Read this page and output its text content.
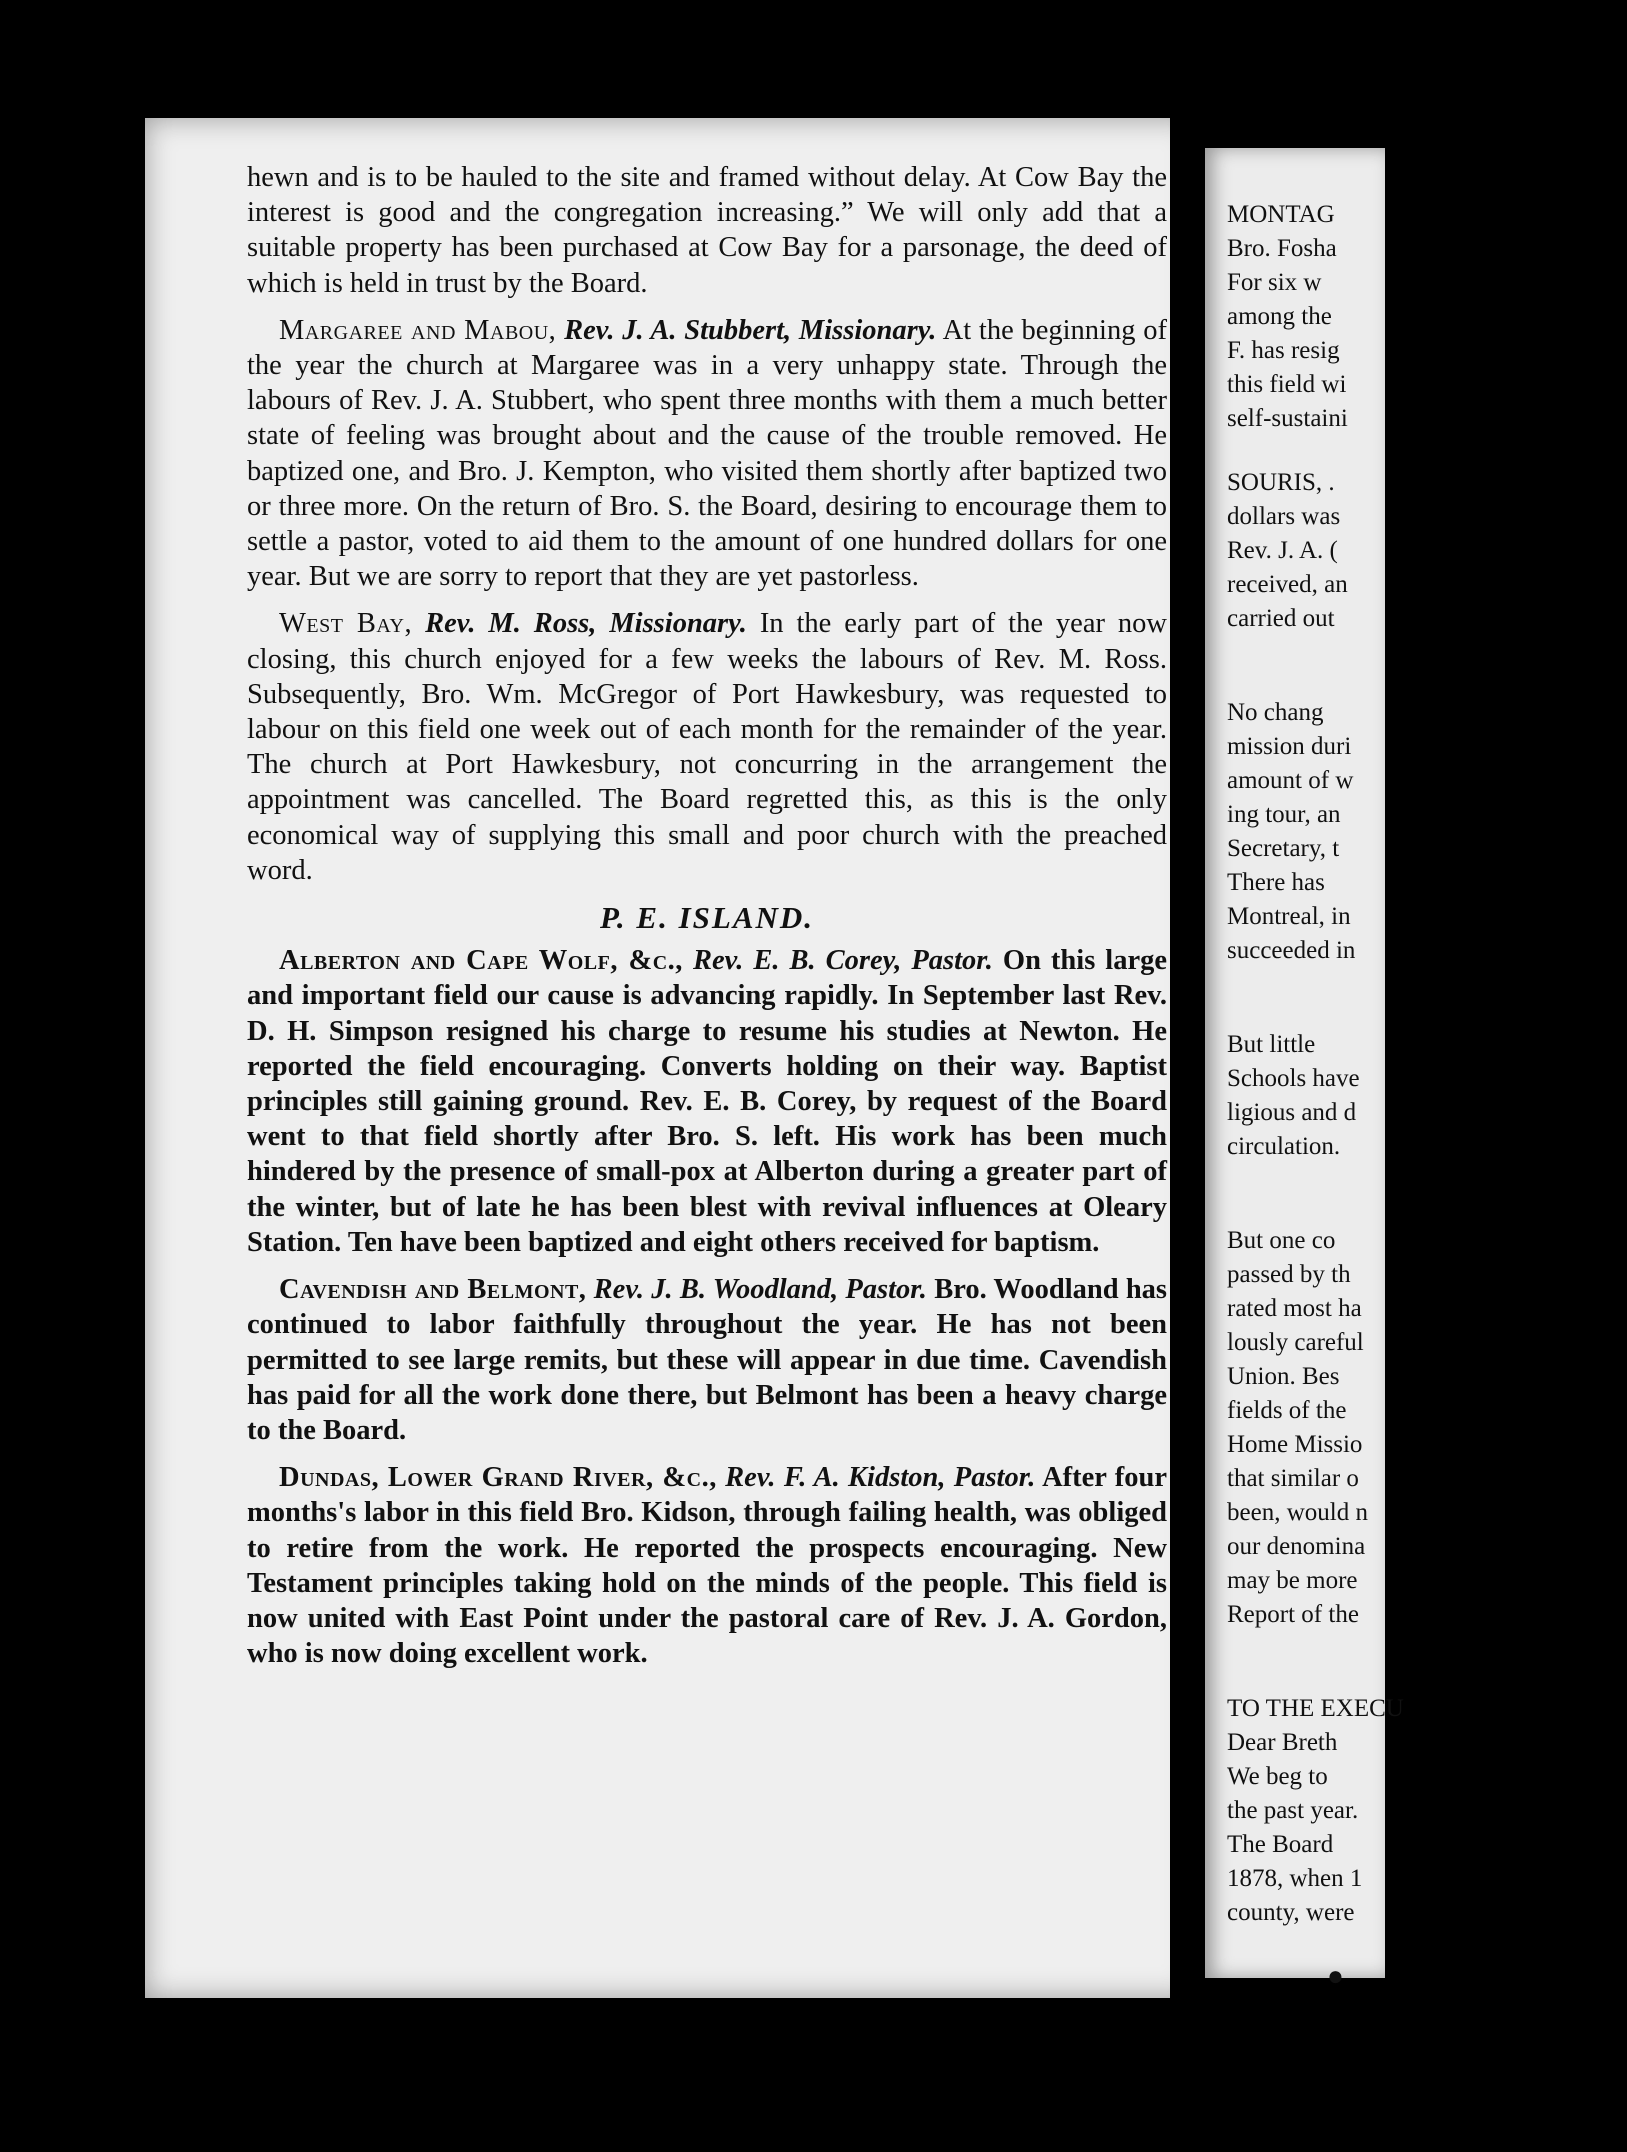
hewn and is to be hauled to the site and framed without delay. At Cow Bay the interest is good and the congregation increasing.” We will only add that a suitable property has been purchased at Cow Bay for a parsonage, the deed of which is held in trust by the Board.

Margaree and Mabou, Rev. J. A. Stubbert, Missionary. At the beginning of the year the church at Margaree was in a very unhappy state. Through the labours of Rev. J. A. Stubbert, who spent three months with them a much better state of feeling was brought about and the cause of the trouble removed. He baptized one, and Bro. J. Kempton, who visited them shortly after baptized two or three more. On the return of Bro. S. the Board, desiring to encourage them to settle a pastor, voted to aid them to the amount of one hundred dollars for one year. But we are sorry to report that they are yet pastorless.

West Bay, Rev. M. Ross, Missionary. In the early part of the year now closing, this church enjoyed for a few weeks the labours of Rev. M. Ross. Subsequently, Bro. Wm. McGregor of Port Hawkesbury, was requested to labour on this field one week out of each month for the remainder of the year. The church at Port Hawkesbury, not concurring in the arrangement the appointment was cancelled. The Board regretted this, as this is the only economical way of supplying this small and poor church with the preached word.

P. E. ISLAND.

Alberton and Cape Wolf, &c., Rev. E. B. Corey, Pastor. On this large and important field our cause is advancing rapidly. In September last Rev. D. H. Simpson resigned his charge to resume his studies at Newton. He reported the field encouraging. Converts holding on their way. Baptist principles still gaining ground. Rev. E. B. Corey, by request of the Board went to that field shortly after Bro. S. left. His work has been much hindered by the presence of small-pox at Alberton during a greater part of the winter, but of late he has been blest with revival influences at Oleary Station. Ten have been baptized and eight others received for baptism.

Cavendish and Belmont, Rev. J. B. Woodland, Pastor. Bro. Woodland has continued to labor faithfully throughout the year. He has not been permitted to see large remits, but these will appear in due time. Cavendish has paid for all the work done there, but Belmont has been a heavy charge to the Board.

Dundas, Lower Grand River, &c., Rev. F. A. Kidston, Pastor. After four months's labor in this field Bro. Kidson, through failing health, was obliged to retire from the work. He reported the prospects encouraging. New Testament principles taking hold on the minds of the people. This field is now united with East Point under the pastoral care of Rev. J. A. Gordon, who is now doing excellent work.

MONTAG
Bro. Fosha
For six w
among the
F. has resig
this field wi
self-sustaini
SOURIS, .
dollars was
Rev. J. A. (
received, an
carried out
No chang
mission duri
amount of w
ing tour, an
Secretary, t
There has
Montreal, in
succeeded in
But little
Schools have
ligious and d
circulation.
But one co
passed by th
rated most ha
lously careful
Union. Bes
fields of the
Home Missio
that similar o
been, would n
our denomina
may be more
Report of the
TO THE EXECU
Dear Breth
We beg to
the past year.
The Board
1878, when 1
county, were
●
